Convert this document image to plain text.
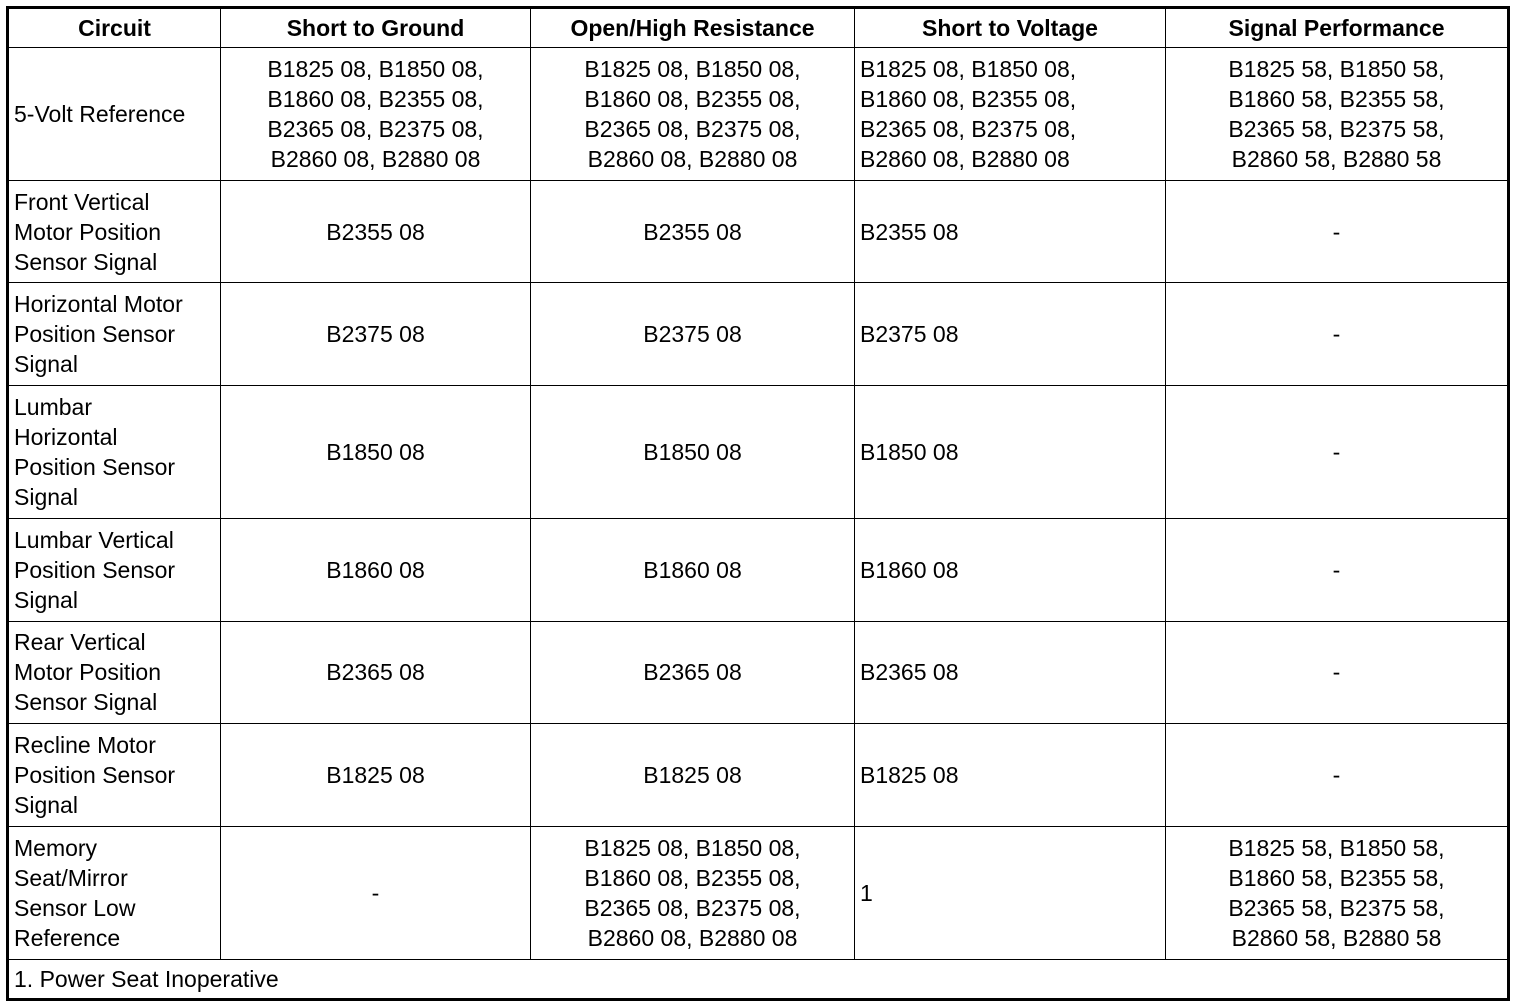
Circuit	Short to Ground	Open/High Resistance	Short to Voltage	Signal Performance
5-Volt Reference	B1825 08, B1850 08,
B1860 08, B2355 08,
B2365 08, B2375 08,
B2860 08, B2880 08	B1825 08, B1850 08,
B1860 08, B2355 08,
B2365 08, B2375 08,
B2860 08, B2880 08	B1825 08, B1850 08,
B1860 08, B2355 08,
B2365 08, B2375 08,
B2860 08, B2880 08	B1825 58, B1850 58,
B1860 58, B2355 58,
B2365 58, B2375 58,
B2860 58, B2880 58
Front Vertical
Motor Position
Sensor Signal	B2355 08	B2355 08	B2355 08	-
Horizontal Motor
Position Sensor
Signal	B2375 08	B2375 08	B2375 08	-
Lumbar
Horizontal
Position Sensor
Signal	B1850 08	B1850 08	B1850 08	-
Lumbar Vertical
Position Sensor
Signal	B1860 08	B1860 08	B1860 08	-
Rear Vertical
Motor Position
Sensor Signal	B2365 08	B2365 08	B2365 08	-
Recline Motor
Position Sensor
Signal	B1825 08	B1825 08	B1825 08	-
Memory
Seat/Mirror
Sensor Low
Reference	-	B1825 08, B1850 08,
B1860 08, B2355 08,
B2365 08, B2375 08,
B2860 08, B2880 08	1	B1825 58, B1850 58,
B1860 58, B2355 58,
B2365 58, B2375 58,
B2860 58, B2880 58
1. Power Seat Inoperative				
